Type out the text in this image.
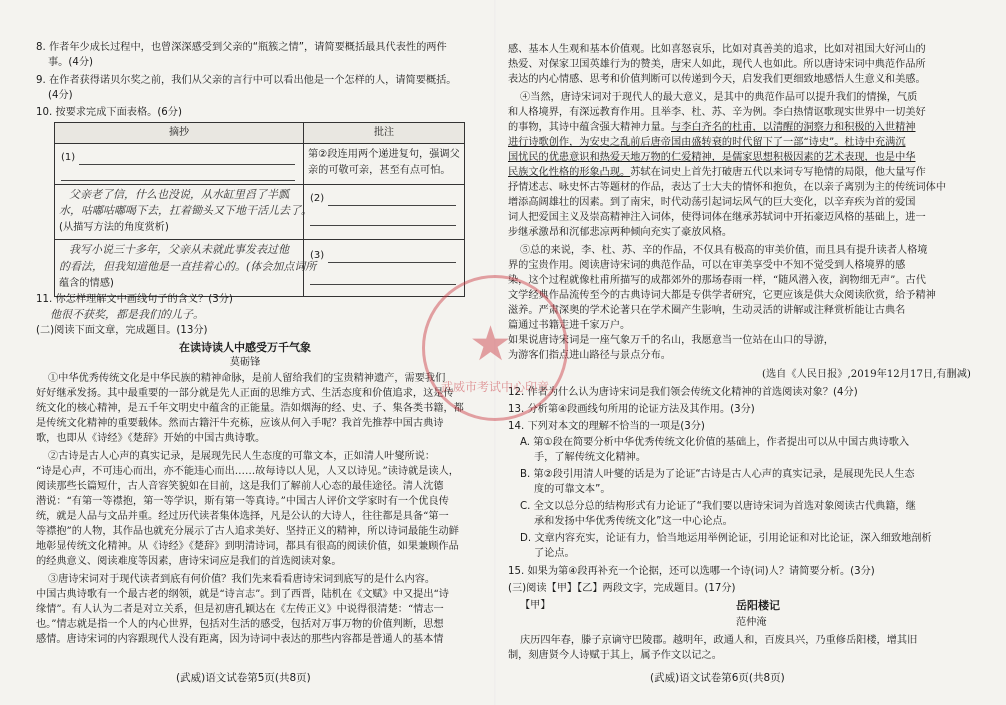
8. 作者年少成长过程中，也曾深深感受到父亲的“瓶簇之情”，请简要概括最具代表性的两件
事。(4分)
9. 在作者获得诺贝尔奖之前，我们从父亲的言行中可以看出他是一个怎样的人，请简要概括。
(4分)
10. 按要求完成下面表格。(6分)
摘抄	批注

(1)	第②段连用两个递进复句，强调父
亲的可敬可亲，甚至有点可怕。

父亲老了信，什么也没说，从水缸里舀了半瓢
水，咕嘟咕嘟喝下去，扛着锄头又下地干活儿去了。
(从描写方法的角度赏析)	(2)

我写小说三十多年，父亲从未就此事发表过他
的看法，但我知道他是一直挂着心的。(体会加点词所
蕴含的情感)	(3)
11. 你怎样理解文中画线句子的含义？(3分)
他很不获奖，都是我们的儿子。
(二)阅读下面文章，完成题目。(13分)
在读诗读人中感受万千气象
莫砺锋
①中华优秀传统文化是中华民族的精神命脉，是前人留给我们的宝贵精神遗产，需要我们
好好继承发扬。其中最重要的一部分就是先人正面的思维方式、生活态度和价值追求，这是传
统文化的核心精神，是五千年文明史中蕴含的正能量。浩如烟海的经、史、子、集各类书籍，都
是传统文化精神的重要载体。然而古籍汗牛充栋，应该从何入手呢？我首先推荐中国古典诗
歌，也即从《诗经》《楚辞》开始的中国古典诗歌。
②古诗是古人心声的真实记录，是展现先民人生态度的可靠文本，正如清人叶燮所说：
“诗是心声，不可违心而出，亦不能违心而出……故每诗以人见，人又以诗见。”读诗就是读人，
阅读那些长篇短什，古人音容笑貌如在目前，这是我们了解前人心态的最佳途径。清人沈德
潜说：“有第一等襟抱，第一等学识，斯有第一等真诗。”中国古人评价文学家时有一个优良传
统，就是人品与文品并重。经过历代读者集体选择，凡是公认的大诗人，往往都是具备“第一
等襟抱”的人物，其作品也就充分展示了古人追求美好、坚持正义的精神，所以诗词最能生动鲜
地彰显传统文化精神。从《诗经》《楚辞》到明清诗词，都具有很高的阅读价值，如果兼顾作品
的经典意义、阅读难度等因素，唐诗宋词应是我们的首选阅读对象。
③唐诗宋词对于现代读者到底有何价值？我们先来看看唐诗宋词到底写的是什么内容。
中国古典诗歌有一个最古老的纲领，就是“诗言志”。到了西晋，陆机在《文赋》中又提出“诗
缘情”。有人认为二者是对立关系，但是初唐孔颖达在《左传正义》中说得很清楚：“情志一
也。”情志就是指一个人的内心世界，包括对生活的感受，包括对万事万物的价值判断，思想
感情。唐诗宋词的内容跟现代人没有距离，因为诗词中表达的那些内容都是普通人的基本情
(武威)语文试卷第5页(共8页)
感、基本人生观和基本价值观。比如喜怒哀乐，比如对真善美的追求，比如对祖国大好河山的
热爱、对保家卫国英雄行为的赞美，唐宋人如此，现代人也如此。所以唐诗宋词中典范作品所
表达的内心情感、思考和价值判断可以传递到今天，启发我们更细致地感悟人生意义和美感。
④当然，唐诗宋词对于现代人的最大意义，是其中的典范作品可以提升我们的情操，气质
和人格境界，有深远教育作用。且举李、杜、苏、辛为例。李白热情讴歌现实世界中一切美好
的事物，其诗中蕴含强大精神力量。与李白齐名的杜甫，以清醒的洞察力和积极的入世精神
进行诗歌创作，为安史之乱前后唐帝国由盛转衰的时代留下了一部“诗史”。杜诗中充满沉
国忧民的优患意识和热爱天地万物的仁爱精神，是儒家思想积极因素的艺术表现，也是中华
民族文化性格的形象凸现。苏轼在词史上首先打破唐五代以来词专写艳情的局限，他大量写作
抒情述志、咏史怀古等题材的作品，表达了士大夫的情怀和抱负，在以亲子离别为主的传统词体中
增添高阔雄壮的因素。到了南宋，时代动荡引起词坛风气的巨大变化，以辛弃疾为首的爱国
词人把爱国主义及崇高精神注入词体，使得词体在继承苏轼词中开拓豪迈风格的基础上，进一
步继承激昂和沉郁悲凉两种倾向充实了豪放风格。
⑤总的来说，李、杜、苏、辛的作品，不仅具有极高的审美价值，而且具有提升读者人格境
界的宝贵作用。阅读唐诗宋词的典范作品，可以在审美享受中不知不觉受到人格境界的感
染，这个过程就像杜甫所描写的成都郊外的那场春雨一样，“随风潜入夜，润物细无声”。古代
文学经典作品流传至今的古典诗词大都是专供学者研究，它更应该是供大众阅读欣赏，给予精神
滋养。严肃深奥的学术论著只在学术圈产生影响，生动灵活的讲解或注释赏析能让古典名
篇通过书籍走进千家万户。
如果说唐诗宋词是一座气象万千的名山，我愿意当一位站在山口的导游，
为游客们指点进山路径与景点分布。
(选自《人民日报》,2019年12月17日,有删减)
12. 作者为什么认为唐诗宋词是我们领会传统文化精神的首选阅读对象？(4分)
13. 分析第④段画线句所用的论证方法及其作用。(3分)
14. 下列对本文的理解不恰当的一项是(3分)
A. 第①段在简要分析中华优秀传统文化价值的基础上，作者提出可以从中国古典诗歌入
手，了解传统文化精神。
B. 第②段引用清人叶燮的话是为了论证“古诗是古人心声的真实记录，是展现先民人生态
度的可靠文本”。
C. 全文以总分总的结构形式有力论证了“我们要以唐诗宋词为首选对象阅读古代典籍，继
承和发扬中华优秀传统文化”这一中心论点。
D. 文章内容充实，论证有力，恰当地运用举例论证，引用论证和对比论证，深入细致地剖析
了论点。
15. 如果为第④段再补充一个论据，还可以选哪一个诗(词)人？请简要分析。(3分)
(三)阅读【甲】【乙】两段文字，完成题目。(17分)
【甲】	岳阳楼记
范仲淹
庆历四年春，滕子京谪守巴陵郡。越明年，政通人和，百废具兴，乃重修岳阳楼，增其旧
制，刻唐贤今人诗赋于其上，属予作文以记之。
(武威)语文试卷第6页(共8页)
★
武威市考试中心印章
